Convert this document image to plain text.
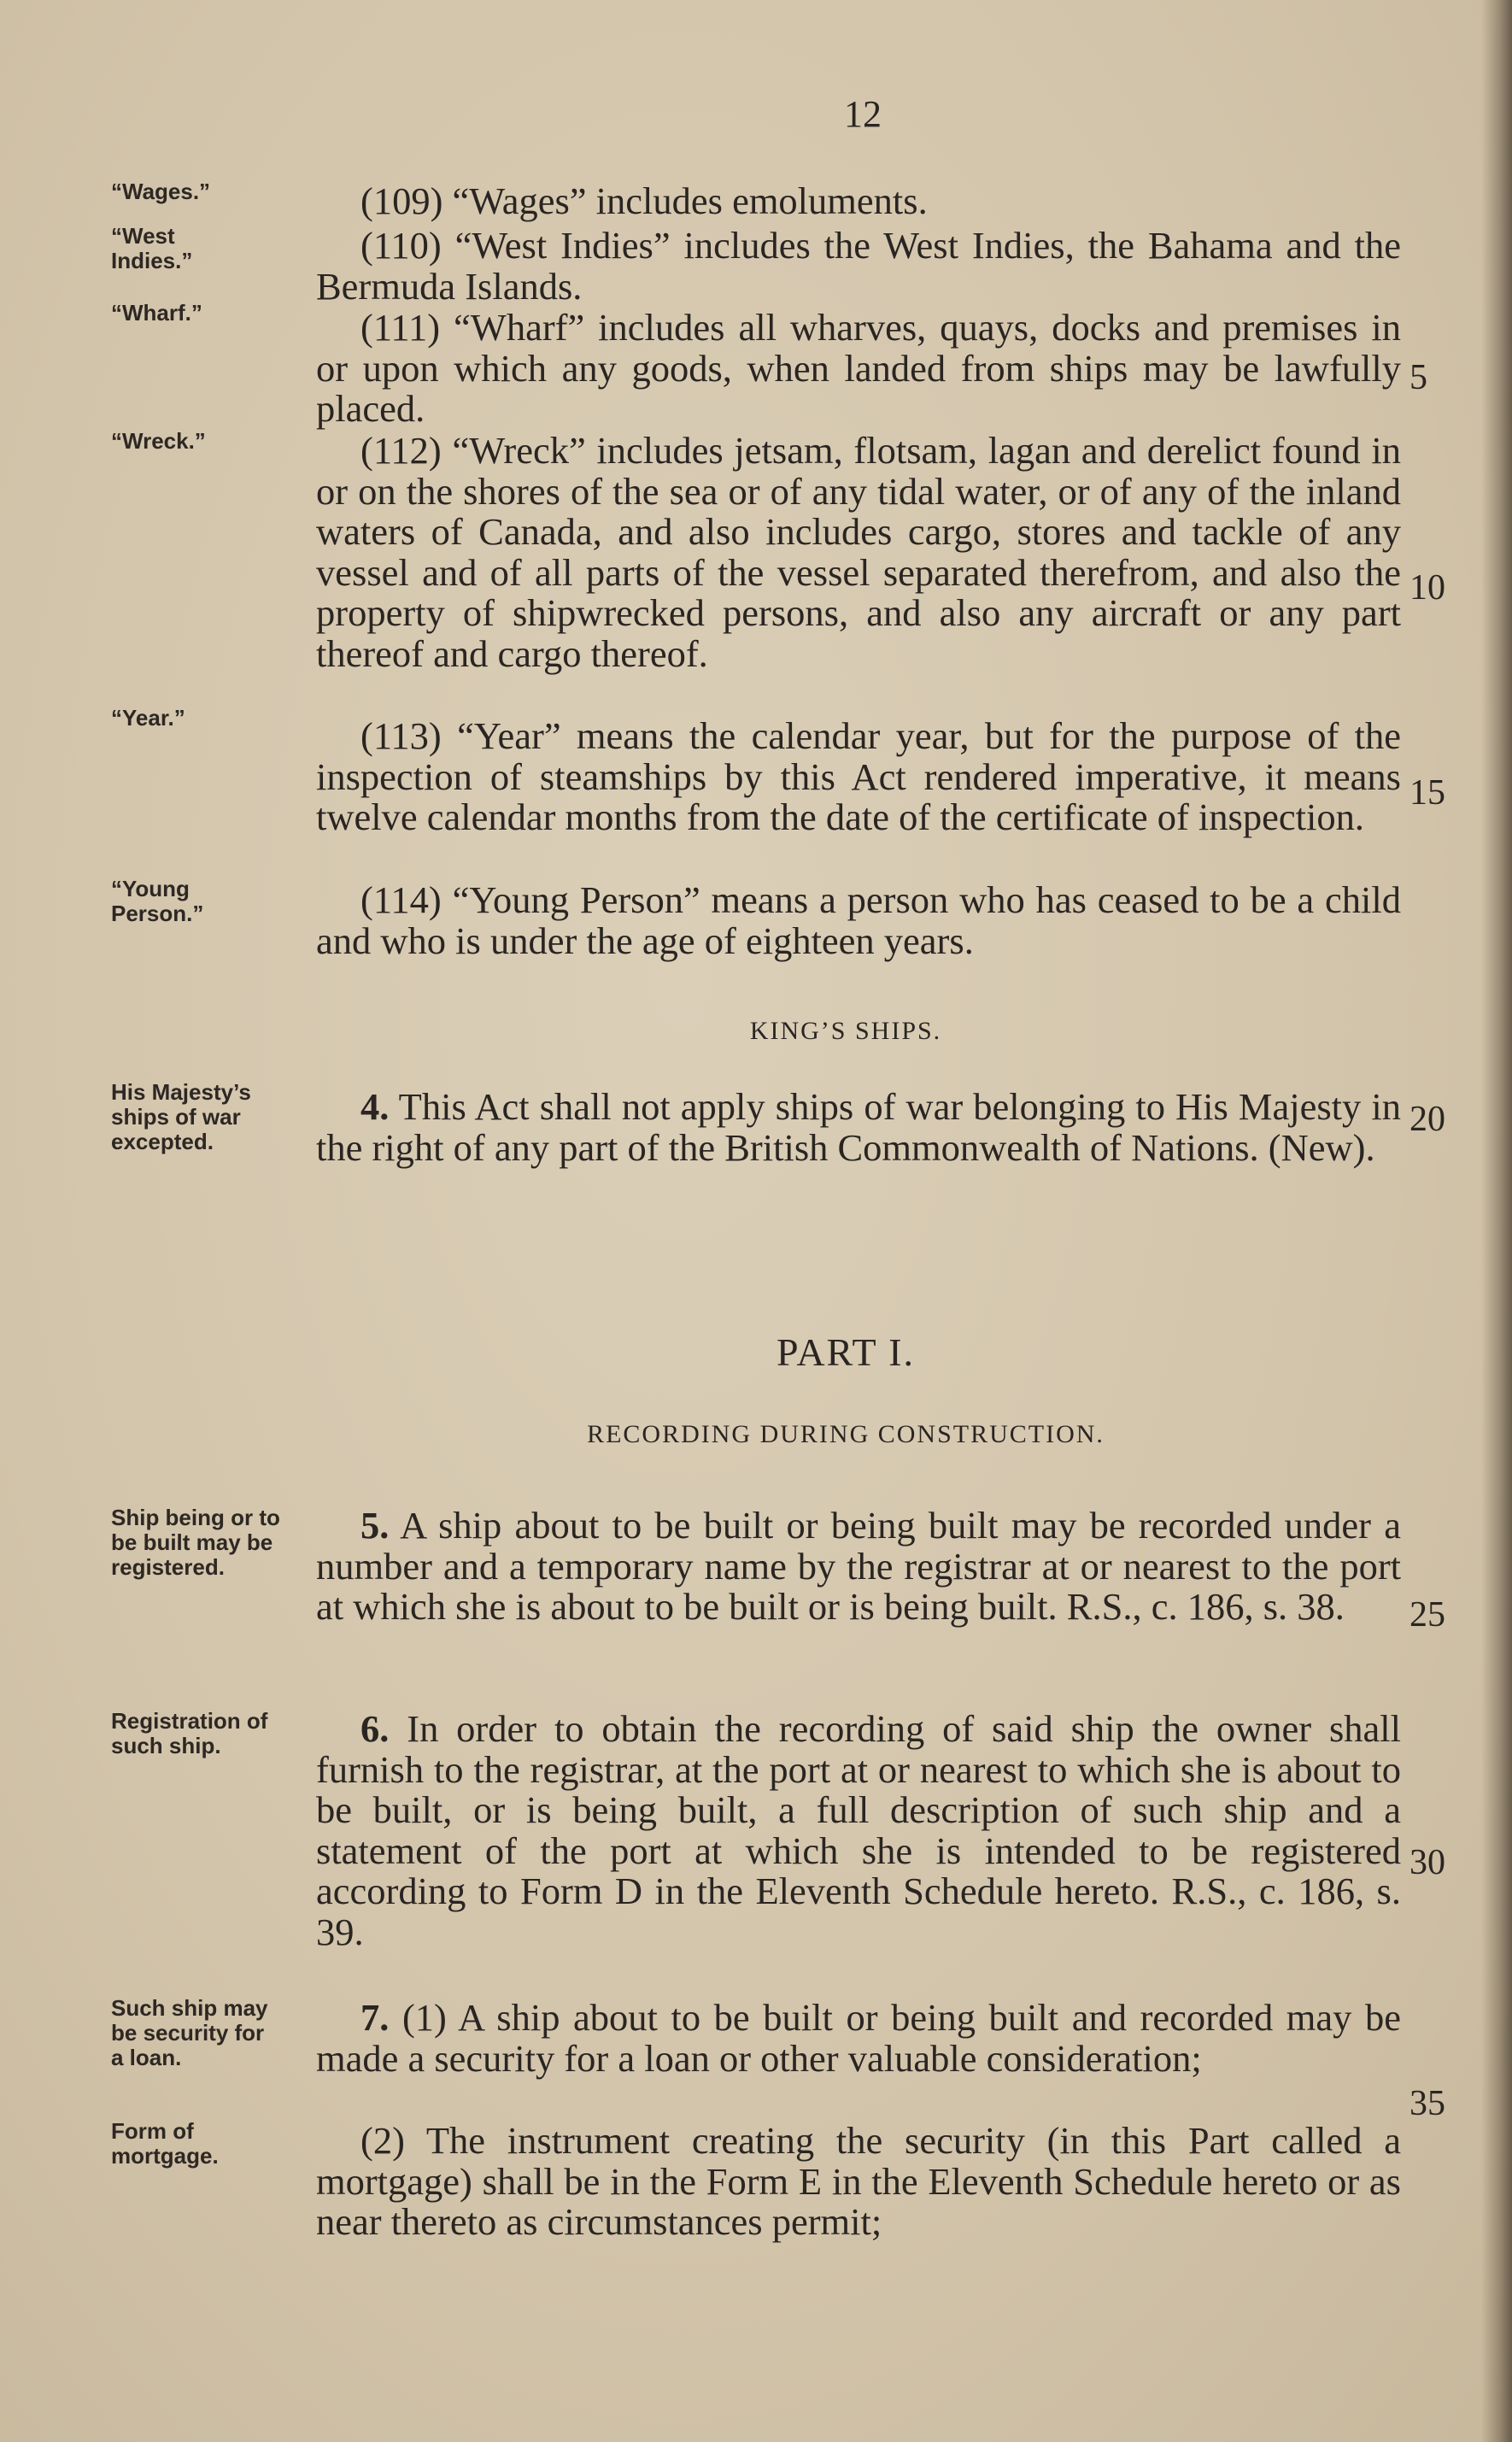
12
“Wages.”
“West Indies.”
“Wharf.”
“Wreck.”
“Year.”
“Young Person.”
His Majesty’s ships of war excepted.
Ship being or to be built may be registered.
Registration of such ship.
Such ship may be security for a loan.
Form of mortgage.
(109) “Wages” includes emoluments.
(110) “West Indies” includes the West Indies, the Bahama and the Bermuda Islands.
(111) “Wharf” includes all wharves, quays, docks and premises in or upon which any goods, when landed from ships may be lawfully placed.
(112) “Wreck” includes jetsam, flotsam, lagan and derelict found in or on the shores of the sea or of any tidal water, or of any of the inland waters of Canada, and also includes cargo, stores and tackle of any vessel and of all parts of the vessel separated therefrom, and also the property of shipwrecked persons, and also any aircraft or any part thereof and cargo thereof.
(113) “Year” means the calendar year, but for the purpose of the inspection of steamships by this Act rendered imperative, it means twelve calendar months from the date of the certificate of inspection.
(114) “Young Person” means a person who has ceased to be a child and who is under the age of eighteen years.
KING’S SHIPS.
4. This Act shall not apply ships of war belonging to His Majesty in the right of any part of the British Commonwealth of Nations. (New).
PART I.
RECORDING DURING CONSTRUCTION.
5. A ship about to be built or being built may be recorded under a number and a temporary name by the registrar at or nearest to the port at which she is about to be built or is being built. R.S., c. 186, s. 38.
6. In order to obtain the recording of said ship the owner shall furnish to the registrar, at the port at or nearest to which she is about to be built, or is being built, a full description of such ship and a statement of the port at which she is intended to be registered according to Form D in the Eleventh Schedule hereto. R.S., c. 186, s. 39.
7. (1) A ship about to be built or being built and recorded may be made a security for a loan or other valuable consideration;
(2) The instrument creating the security (in this Part called a mortgage) shall be in the Form E in the Eleventh Schedule hereto or as near thereto as circumstances permit;
5
10
15
20
25
30
35
